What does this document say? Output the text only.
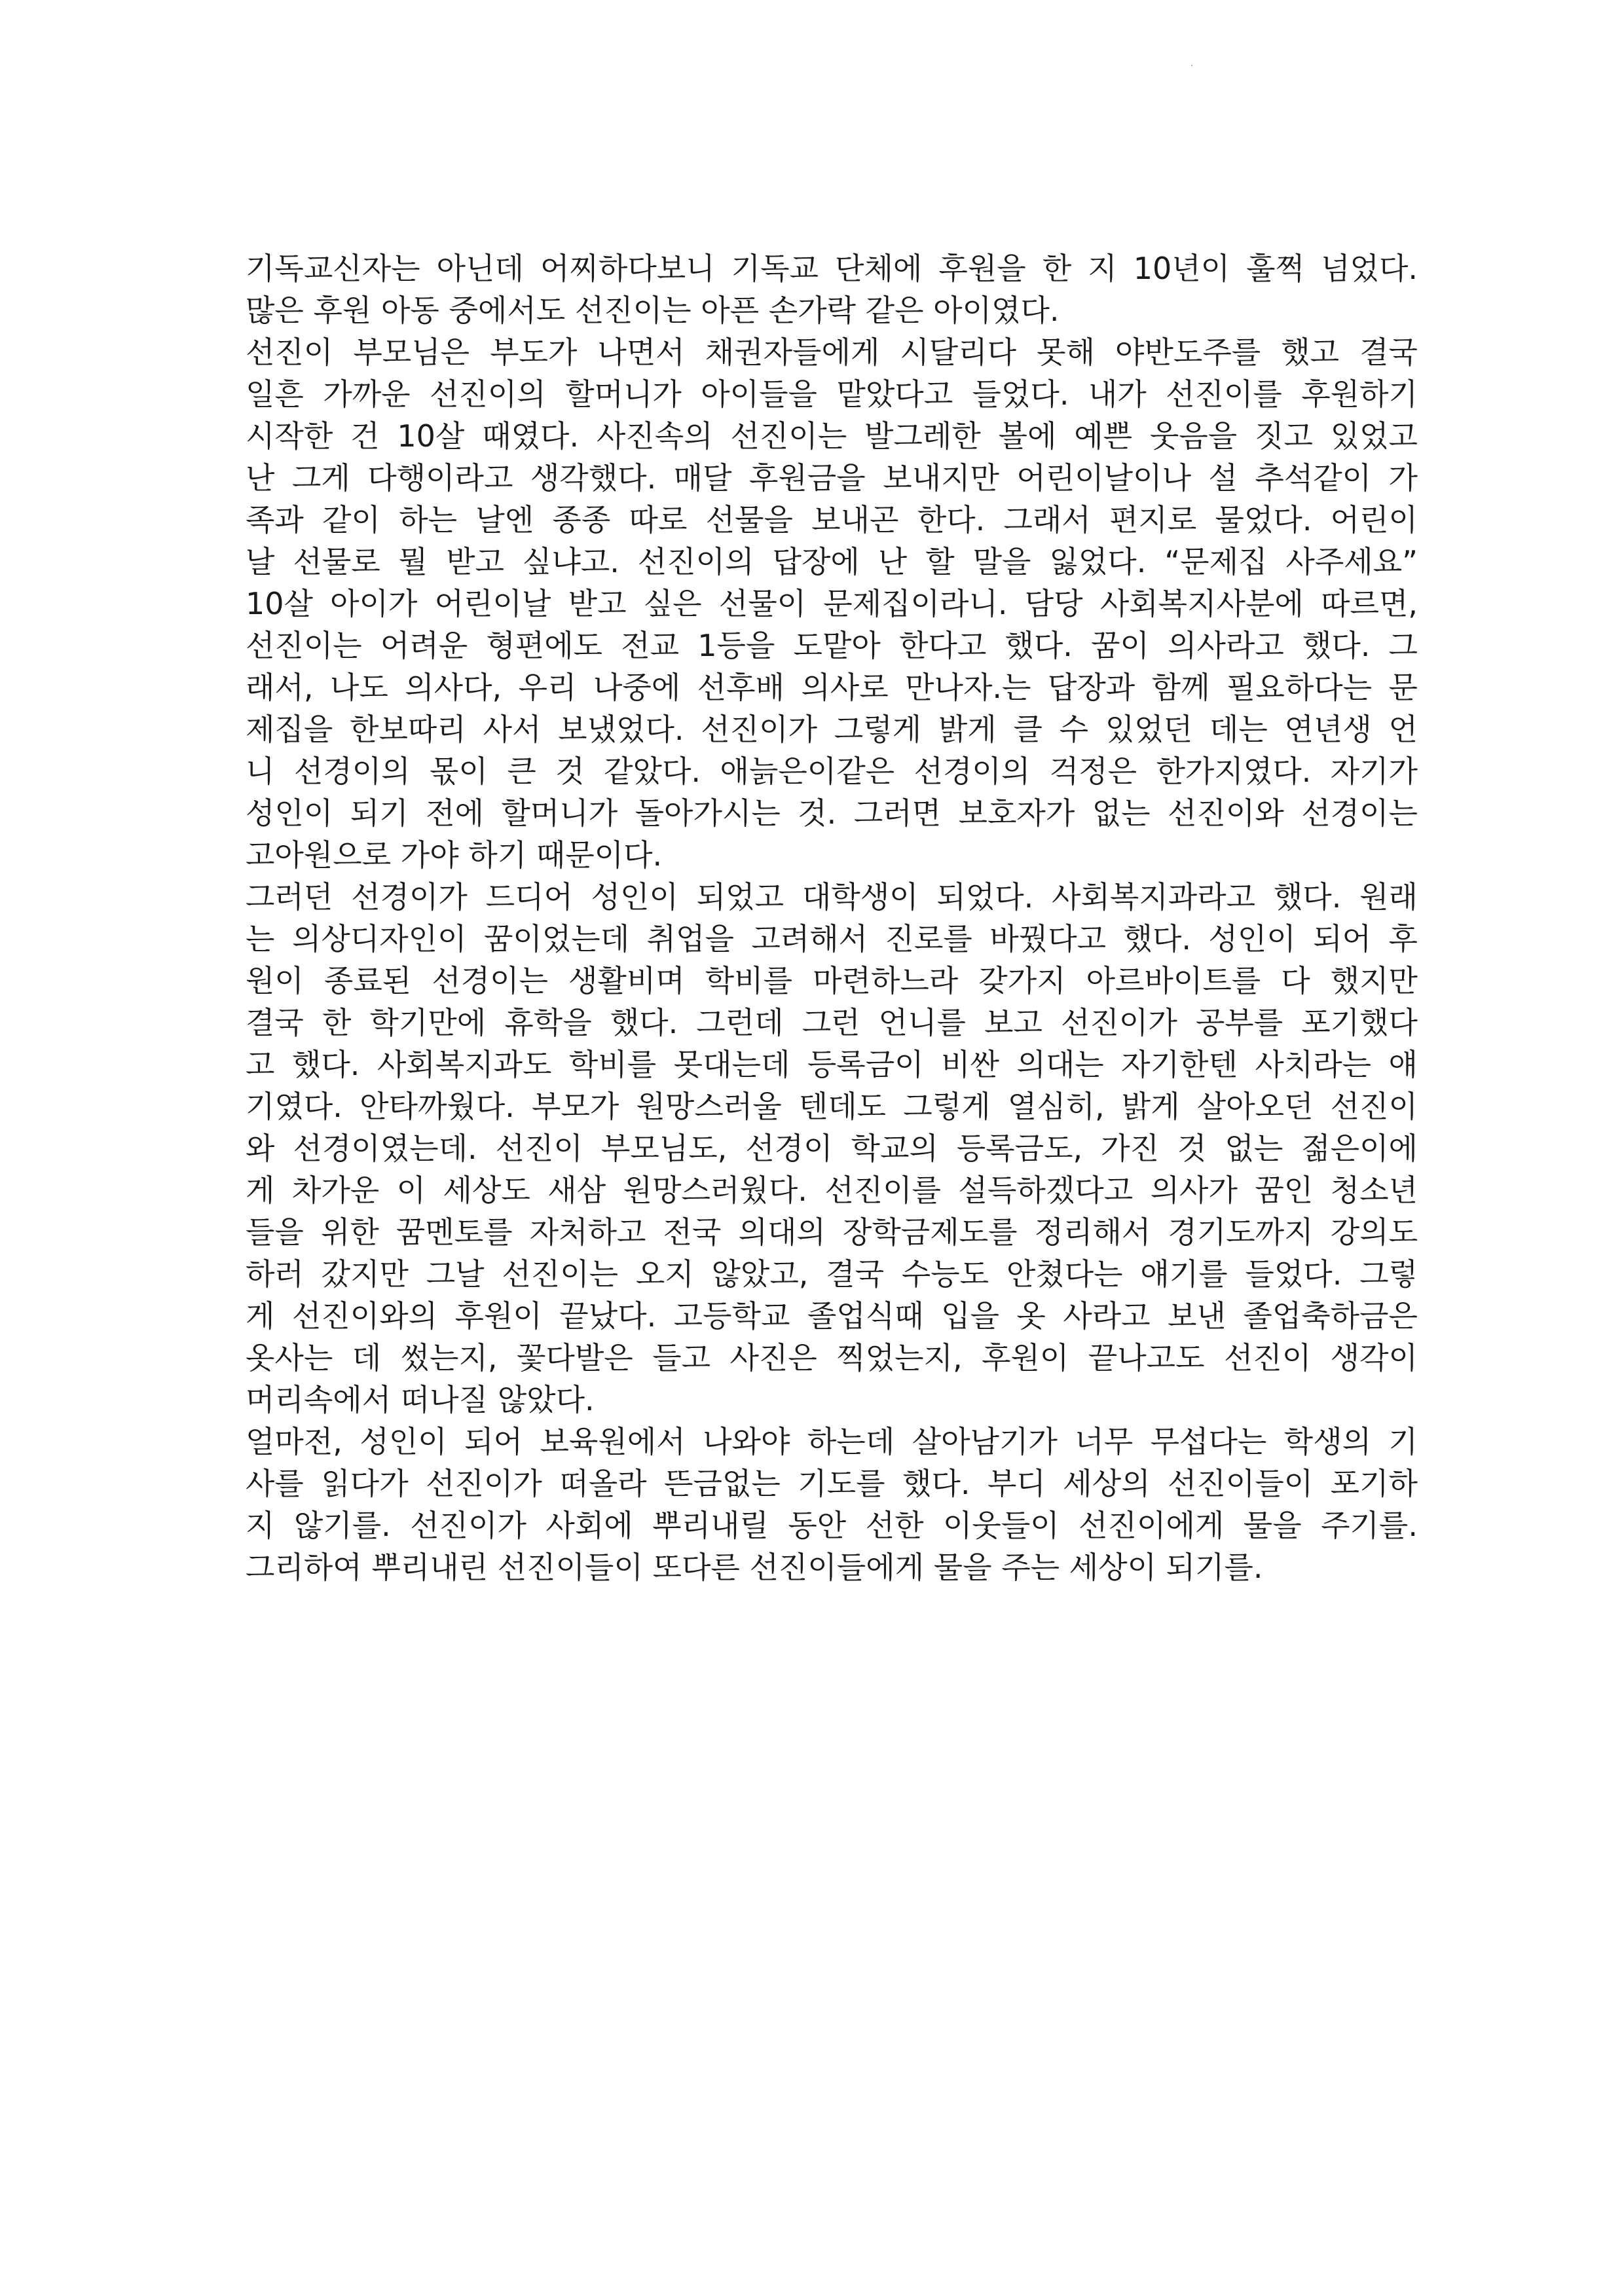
·
기독교신자는 아닌데 어찌하다보니 기독교 단체에 후원을 한 지 10년이 훌쩍 넘었다.
많은 후원 아동 중에서도 선진이는 아픈 손가락 같은 아이였다.
선진이 부모님은 부도가 나면서 채권자들에게 시달리다 못해 야반도주를 했고 결국
일흔 가까운 선진이의 할머니가 아이들을 맡았다고 들었다. 내가 선진이를 후원하기
시작한 건 10살 때였다. 사진속의 선진이는 발그레한 볼에 예쁜 웃음을 짓고 있었고
난 그게 다행이라고 생각했다. 매달 후원금을 보내지만 어린이날이나 설 추석같이 가
족과 같이 하는 날엔 종종 따로 선물을 보내곤 한다. 그래서 편지로 물었다. 어린이
날 선물로 뭘 받고 싶냐고. 선진이의 답장에 난 할 말을 잃었다. “문제집 사주세요”
10살 아이가 어린이날 받고 싶은 선물이 문제집이라니. 담당 사회복지사분에 따르면,
선진이는 어려운 형편에도 전교 1등을 도맡아 한다고 했다. 꿈이 의사라고 했다. 그
래서, 나도 의사다, 우리 나중에 선후배 의사로 만나자.는 답장과 함께 필요하다는 문
제집을 한보따리 사서 보냈었다. 선진이가 그렇게 밝게 클 수 있었던 데는 연년생 언
니 선경이의 몫이 큰 것 같았다. 애늙은이같은 선경이의 걱정은 한가지였다. 자기가
성인이 되기 전에 할머니가 돌아가시는 것. 그러면 보호자가 없는 선진이와 선경이는
고아원으로 가야 하기 때문이다.
그러던 선경이가 드디어 성인이 되었고 대학생이 되었다. 사회복지과라고 했다. 원래
는 의상디자인이 꿈이었는데 취업을 고려해서 진로를 바꿨다고 했다. 성인이 되어 후
원이 종료된 선경이는 생활비며 학비를 마련하느라 갖가지 아르바이트를 다 했지만
결국 한 학기만에 휴학을 했다. 그런데 그런 언니를 보고 선진이가 공부를 포기했다
고 했다. 사회복지과도 학비를 못대는데 등록금이 비싼 의대는 자기한텐 사치라는 얘
기였다. 안타까웠다. 부모가 원망스러울 텐데도 그렇게 열심히, 밝게 살아오던 선진이
와 선경이였는데. 선진이 부모님도, 선경이 학교의 등록금도, 가진 것 없는 젊은이에
게 차가운 이 세상도 새삼 원망스러웠다. 선진이를 설득하겠다고 의사가 꿈인 청소년
들을 위한 꿈멘토를 자처하고 전국 의대의 장학금제도를 정리해서 경기도까지 강의도
하러 갔지만 그날 선진이는 오지 않았고, 결국 수능도 안쳤다는 얘기를 들었다. 그렇
게 선진이와의 후원이 끝났다. 고등학교 졸업식때 입을 옷 사라고 보낸 졸업축하금은
옷사는 데 썼는지, 꽃다발은 들고 사진은 찍었는지, 후원이 끝나고도 선진이 생각이
머리속에서 떠나질 않았다.
얼마전, 성인이 되어 보육원에서 나와야 하는데 살아남기가 너무 무섭다는 학생의 기
사를 읽다가 선진이가 떠올라 뜬금없는 기도를 했다. 부디 세상의 선진이들이 포기하
지 않기를. 선진이가 사회에 뿌리내릴 동안 선한 이웃들이 선진이에게 물을 주기를.
그리하여 뿌리내린 선진이들이 또다른 선진이들에게 물을 주는 세상이 되기를.
